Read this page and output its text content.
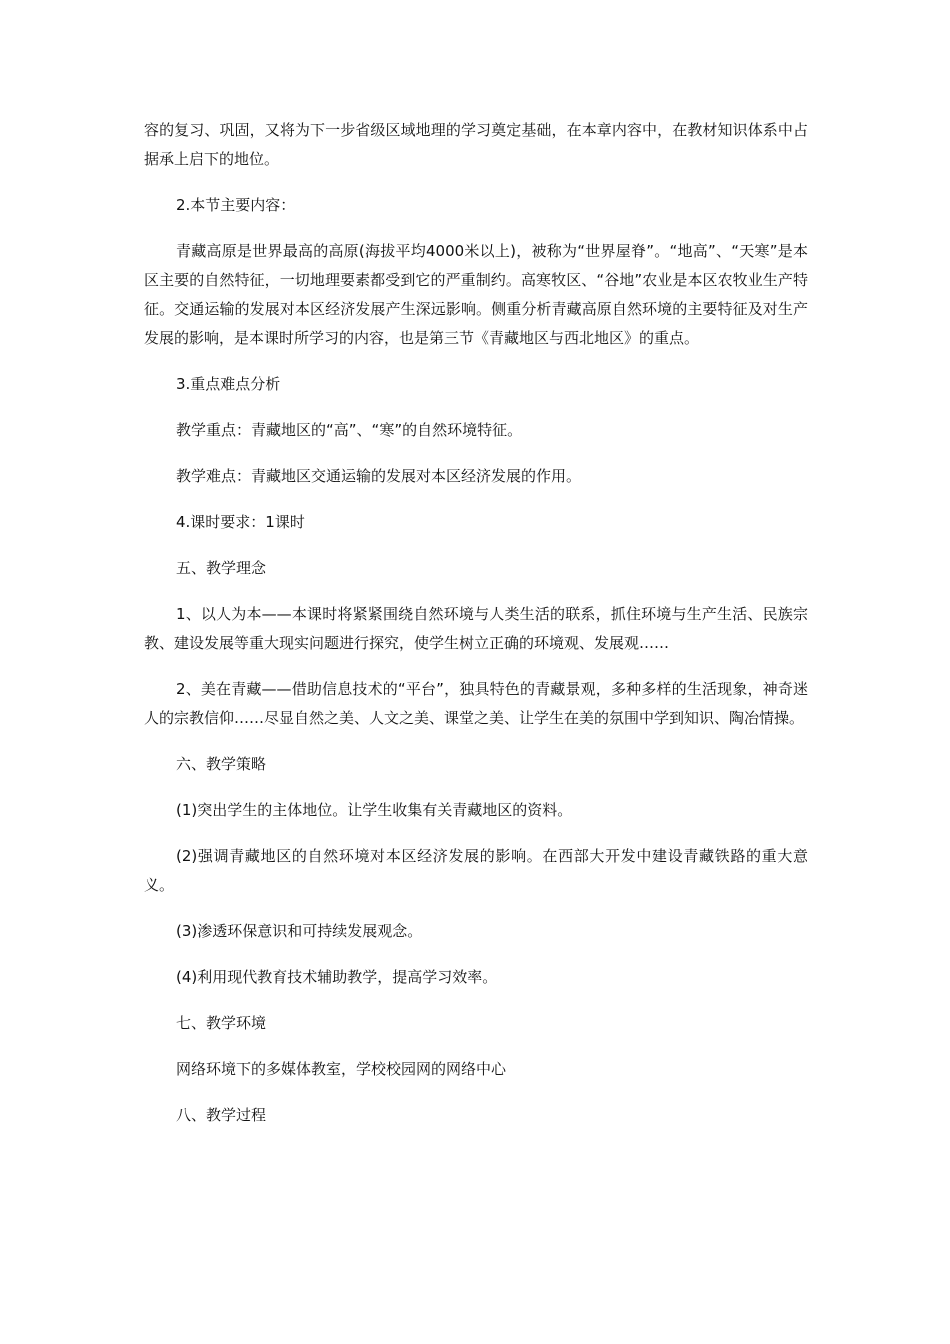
容的复习、巩固，又将为下一步省级区域地理的学习奠定基础，在本章内容中，在教材知识体系中占据承上启下的地位。

2.本节主要内容：

青藏高原是世界最高的高原(海拔平均4000米以上)，被称为“世界屋脊”。“地高”、“天寒”是本区主要的自然特征，一切地理要素都受到它的严重制约。高寒牧区、“谷地”农业是本区农牧业生产特征。交通运输的发展对本区经济发展产生深远影响。侧重分析青藏高原自然环境的主要特征及对生产发展的影响，是本课时所学习的内容，也是第三节《青藏地区与西北地区》的重点。

3.重点难点分析

教学重点：青藏地区的“高”、“寒”的自然环境特征。

教学难点：青藏地区交通运输的发展对本区经济发展的作用。

4.课时要求：1课时

五、教学理念

1、以人为本——本课时将紧紧围绕自然环境与人类生活的联系，抓住环境与生产生活、民族宗教、建设发展等重大现实问题进行探究，使学生树立正确的环境观、发展观……

2、美在青藏——借助信息技术的“平台”，独具特色的青藏景观，多种多样的生活现象，神奇迷人的宗教信仰……尽显自然之美、人文之美、课堂之美、让学生在美的氛围中学到知识、陶冶情操。

六、教学策略

(1)突出学生的主体地位。让学生收集有关青藏地区的资料。

(2)强调青藏地区的自然环境对本区经济发展的影响。在西部大开发中建设青藏铁路的重大意义。

(3)渗透环保意识和可持续发展观念。

(4)利用现代教育技术辅助教学，提高学习效率。

七、教学环境

网络环境下的多媒体教室，学校校园网的网络中心

八、教学过程
